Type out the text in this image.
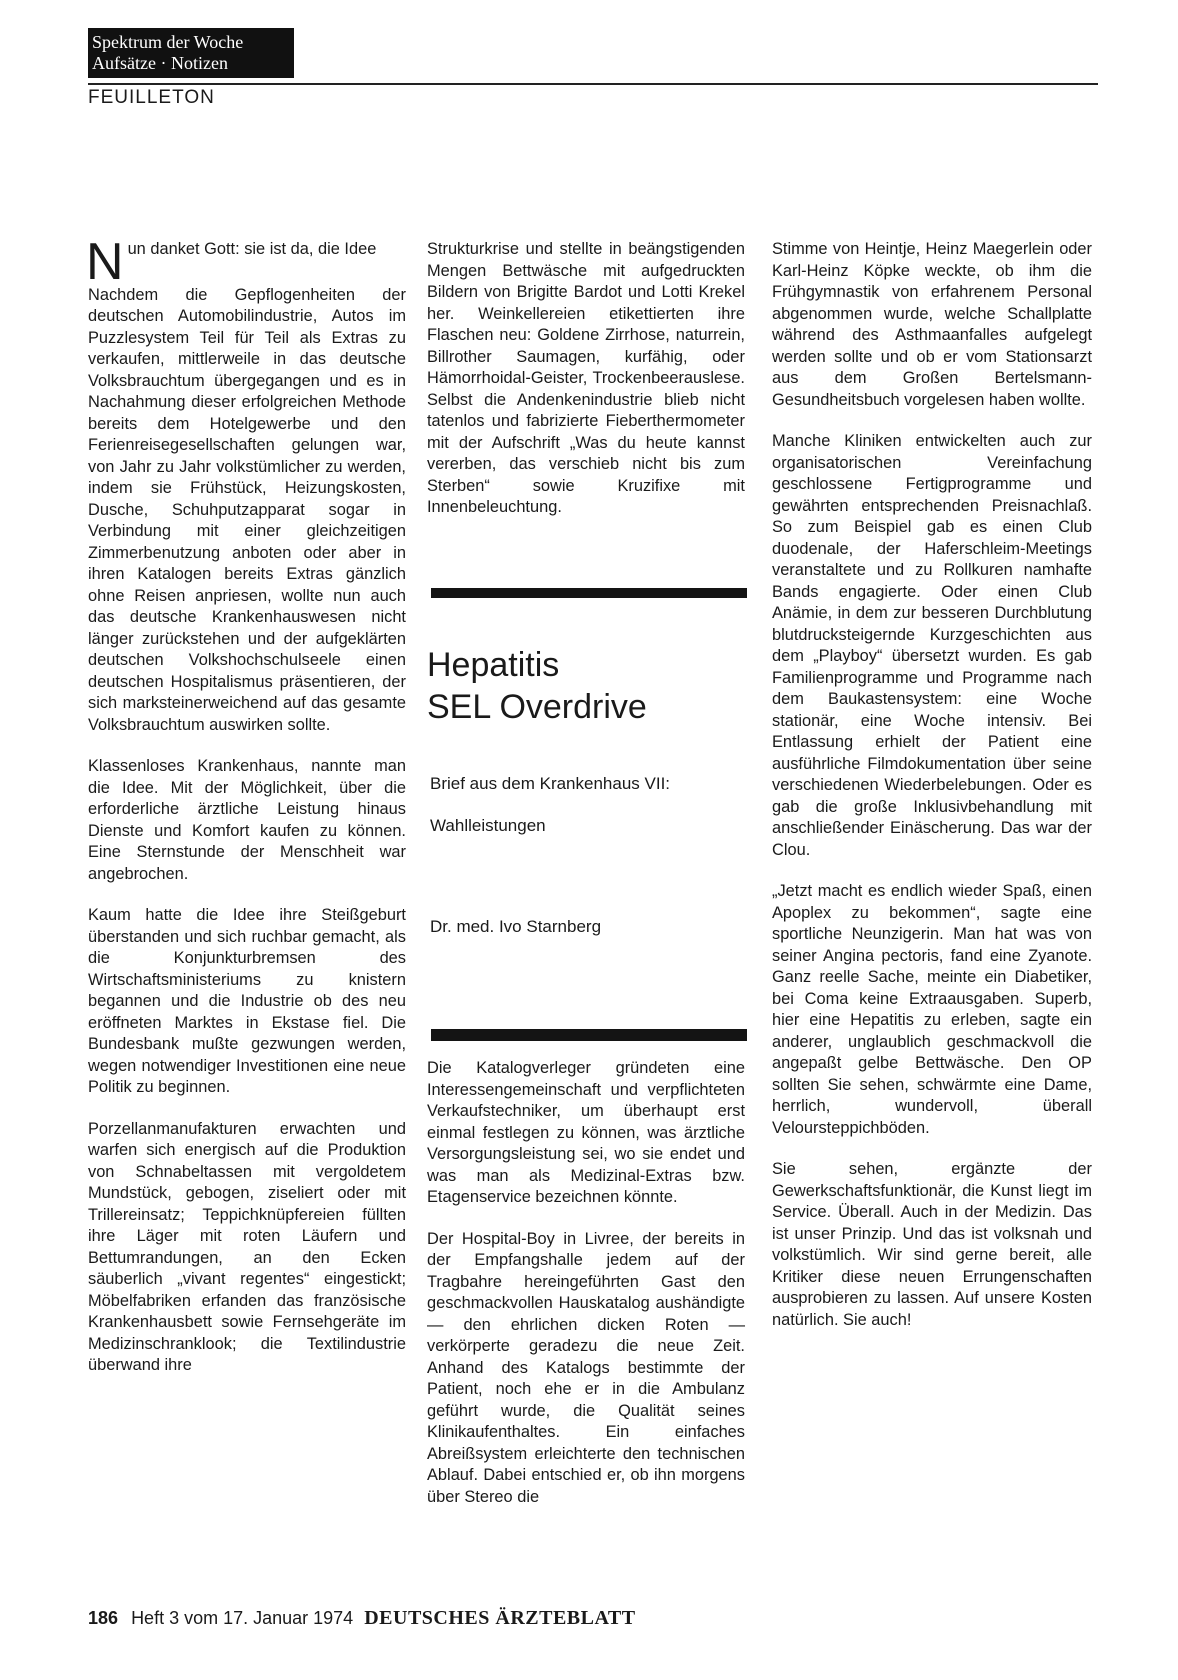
Spektrum der Woche
Aufsätze · Notizen
FEUILLETON

Nun danket Gott: sie ist da, die Idee

Nachdem die Gepflogenheiten der deutschen Automobilindustrie, Autos im Puzzlesystem Teil für Teil als Extras zu verkaufen, mittlerweile in das deutsche Volksbrauchtum übergegangen und es in Nachahmung dieser erfolgreichen Methode bereits dem Hotelgewerbe und den Ferienreisegesellschaften gelungen war, von Jahr zu Jahr volkstümlicher zu werden, indem sie Frühstück, Heizungskosten, Dusche, Schuhputzapparat sogar in Verbindung mit einer gleichzeitigen Zimmerbenutzung anboten oder aber in ihren Katalogen bereits Extras gänzlich ohne Reisen anpriesen, wollte nun auch das deutsche Krankenhauswesen nicht länger zurückstehen und der aufgeklärten deutschen Volkshochschulseele einen deutschen Hospitalismus präsentieren, der sich marksteinerweichend auf das gesamte Volksbrauchtum auswirken sollte.

Klassenloses Krankenhaus, nannte man die Idee. Mit der Möglichkeit, über die erforderliche ärztliche Leistung hinaus Dienste und Komfort kaufen zu können. Eine Sternstunde der Menschheit war angebrochen.

Kaum hatte die Idee ihre Steißgeburt überstanden und sich ruchbar gemacht, als die Konjunkturbremsen des Wirtschaftsministeriums zu knistern begannen und die Industrie ob des neu eröffneten Marktes in Ekstase fiel. Die Bundesbank mußte gezwungen werden, wegen notwendiger Investitionen eine neue Politik zu beginnen.

Porzellanmanufakturen erwachten und warfen sich energisch auf die Produktion von Schnabeltassen mit vergoldetem Mundstück, gebogen, ziseliert oder mit Trillereinsatz; Teppichknüpfereien füllten ihre Läger mit roten Läufern und Bettumrandungen, an den Ecken säuberlich „vivant regentes“ eingestickt; Möbelfabriken erfanden das französische Krankenhausbett sowie Fernsehgeräte im Medizinschranklook; die Textilindustrie überwand ihre

Strukturkrise und stellte in beängstigenden Mengen Bettwäsche mit aufgedruckten Bildern von Brigitte Bardot und Lotti Krekel her. Weinkellereien etikettierten ihre Flaschen neu: Goldene Zirrhose, naturrein, Billrother Saumagen, kurfähig, oder Hämorrhoidal-Geister, Trockenbeerauslese. Selbst die Andenkenindustrie blieb nicht tatenlos und fabrizierte Fieberthermometer mit der Aufschrift „Was du heute kannst vererben, das verschieb nicht bis zum Sterben“ sowie Kruzifixe mit Innenbeleuchtung.

Hepatitis
SEL Overdrive
Brief aus dem Krankenhaus VII:
Wahlleistungen
Dr. med. Ivo Starnberg

Die Katalogverleger gründeten eine Interessengemeinschaft und verpflichteten Verkaufstechniker, um überhaupt erst einmal festlegen zu können, was ärztliche Versorgungsleistung sei, wo sie endet und was man als Medizinal-Extras bzw. Etagenservice bezeichnen könnte.

Der Hospital-Boy in Livree, der bereits in der Empfangshalle jedem auf der Tragbahre hereingeführten Gast den geschmackvollen Hauskatalog aushändigte — den ehrlichen dicken Roten — verkörperte geradezu die neue Zeit. Anhand des Katalogs bestimmte der Patient, noch ehe er in die Ambulanz geführt wurde, die Qualität seines Klinikaufenthaltes. Ein einfaches Abreißsystem erleichterte den technischen Ablauf. Dabei entschied er, ob ihn morgens über Stereo die

Stimme von Heintje, Heinz Maegerlein oder Karl-Heinz Köpke weckte, ob ihm die Frühgymnastik von erfahrenem Personal abgenommen wurde, welche Schallplatte während des Asthmaanfalles aufgelegt werden sollte und ob er vom Stationsarzt aus dem Großen Bertelsmann-Gesundheitsbuch vorgelesen haben wollte.

Manche Kliniken entwickelten auch zur organisatorischen Vereinfachung geschlossene Fertigprogramme und gewährten entsprechenden Preisnachlaß. So zum Beispiel gab es einen Club duodenale, der Haferschleim-Meetings veranstaltete und zu Rollkuren namhafte Bands engagierte. Oder einen Club Anämie, in dem zur besseren Durchblutung blutdrucksteigernde Kurzgeschichten aus dem „Playboy“ übersetzt wurden. Es gab Familienprogramme und Programme nach dem Baukastensystem: eine Woche stationär, eine Woche intensiv. Bei Entlassung erhielt der Patient eine ausführliche Filmdokumentation über seine verschiedenen Wiederbelebungen. Oder es gab die große Inklusivbehandlung mit anschließender Einäscherung. Das war der Clou.

„Jetzt macht es endlich wieder Spaß, einen Apoplex zu bekommen“, sagte eine sportliche Neunzigerin. Man hat was von seiner Angina pectoris, fand eine Zyanote. Ganz reelle Sache, meinte ein Diabetiker, bei Coma keine Extraausgaben. Superb, hier eine Hepatitis zu erleben, sagte ein anderer, unglaublich geschmackvoll die angepaßt gelbe Bettwäsche. Den OP sollten Sie sehen, schwärmte eine Dame, herrlich, wundervoll, überall Veloursteppichböden.

Sie sehen, ergänzte der Gewerkschaftsfunktionär, die Kunst liegt im Service. Überall. Auch in der Medizin. Das ist unser Prinzip. Und das ist volksnah und volkstümlich. Wir sind gerne bereit, alle Kritiker diese neuen Errungenschaften ausprobieren zu lassen. Auf unsere Kosten natürlich. Sie auch!

186 Heft 3 vom 17. Januar 1974 DEUTSCHES ÄRZTEBLATT
